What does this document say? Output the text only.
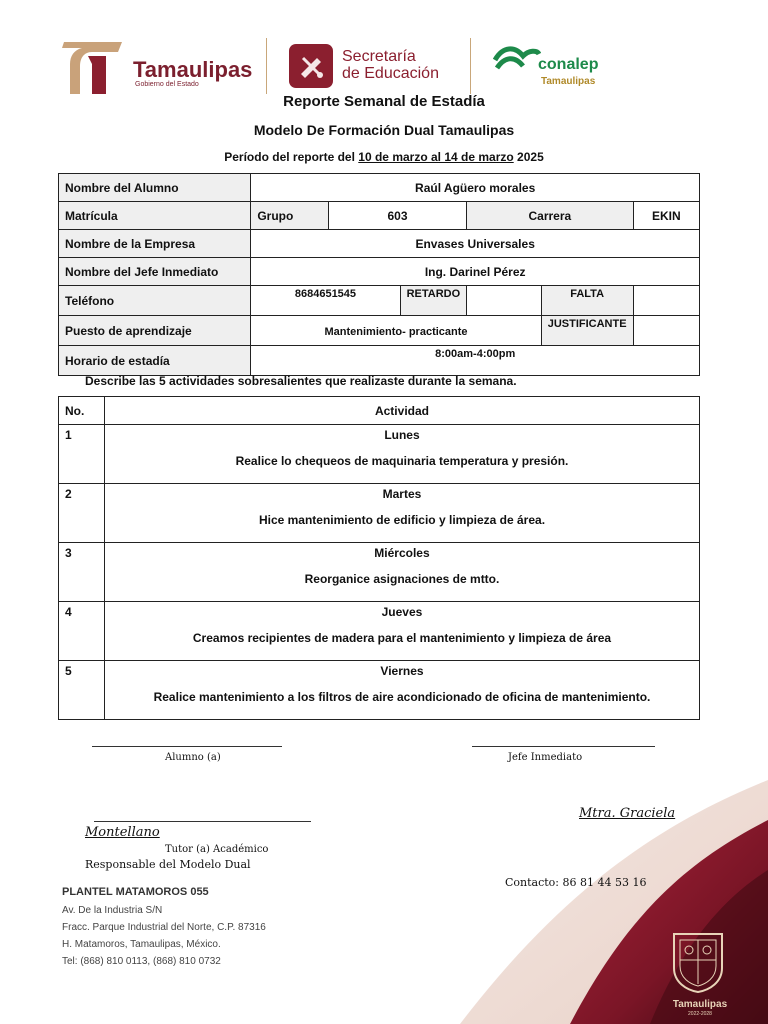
Tamaulipas
Gobierno del Estado
Secretaría
de Educación
conalep
Tamaulipas
Reporte Semanal de Estadía
Modelo De Formación Dual Tamaulipas
Período del reporte del 10 de marzo al 14 de marzo 2025
Nombre del Alumno	Raúl Agüero morales					
Matrícula	Grupo	603		Carrera		EKIN
Nombre de la Empresa	Envases Universales					
Nombre del Jefe Inmediato	Ing. Darinel Pérez					
Teléfono	8684651545		RETARDO		FALTA	
Puesto de aprendizaje	Mantenimiento- practicante				JUSTIFICANTE	
Horario de estadía	8:00am-4:00pm					
Describe las 5 actividades sobresalientes que realizaste durante la semana.
No.	Actividad
1	Lunes
Realice lo chequeos de maquinaria temperatura y presión.

2	Martes
Hice mantenimiento de edificio y limpieza de área.

3	Miércoles
Reorganice asignaciones de mtto.

4	Jueves
Creamos recipientes de madera para el mantenimiento y limpieza de área

5	Viernes
Realice mantenimiento a los filtros de aire acondicionado de oficina de mantenimiento.
Alumno (a)	Jefe Inmediato
Mtra. Graciela
Montellano
Tutor (a) Académico
Responsable del Modelo Dual
Contacto: 86 81 44 53 16
PLANTEL MATAMOROS 055
Av. De la Industria S/N
Fracc. Parque Industrial del Norte, C.P. 87316
H. Matamoros, Tamaulipas, México.
Tel: (868) 810 0113, (868) 810 0732
Tamaulipas
2022-2028
